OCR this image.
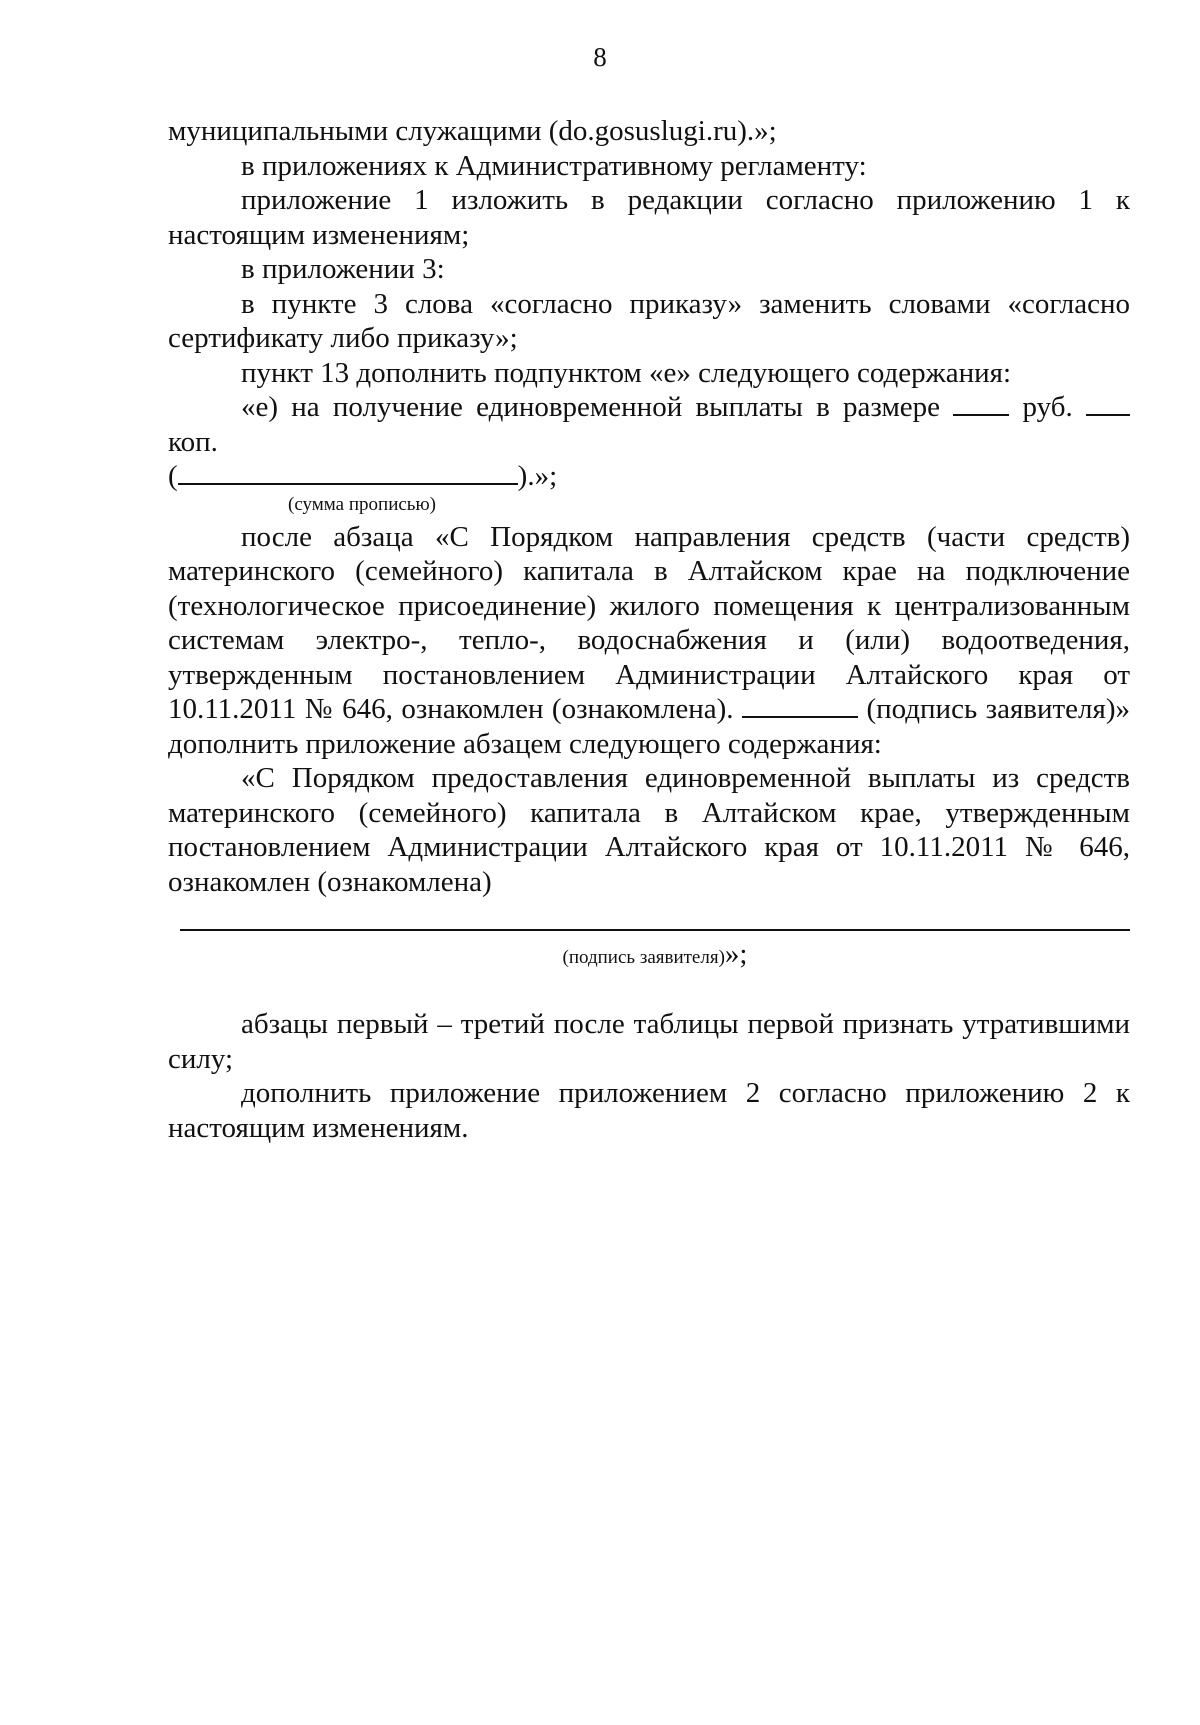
8

муниципальными служащими (do.gosuslugi.ru).»;

в приложениях к Административному регламенту:

приложение 1 изложить в редакции согласно приложению 1 к настоящим изменениям;

в приложении 3:

в пункте 3 слова «согласно приказу» заменить словами «согласно сертификату либо приказу»;

пункт 13 дополнить подпунктом «е» следующего содержания:

«е) на получение единовременной выплаты в размере	руб.  коп.

(	).»;

(сумма прописью)

после абзаца «С Порядком направления средств (части средств) материнского (семейного) капитала в Алтайском крае на подключение (технологическое присоединение) жилого помещения к централизованным системам электро-, тепло-, водоснабжения и (или) водоотведения, утвержденным постановлением Администрации Алтайского края от 10.11.2011 № 646, ознакомлен (ознакомлена).	(подпись заявителя)» дополнить приложение абзацем следующего содержания:

«С Порядком предоставления единовременной выплаты из средств материнского (семейного) капитала в Алтайском крае, утвержденным постановлением Администрации Алтайского края от 10.11.2011 № 646, ознакомлен (ознакомлена)

(подпись заявителя)»;

абзацы первый – третий после таблицы первой признать утратившими силу;

дополнить приложение приложением 2 согласно приложению 2 к настоящим изменениям.
